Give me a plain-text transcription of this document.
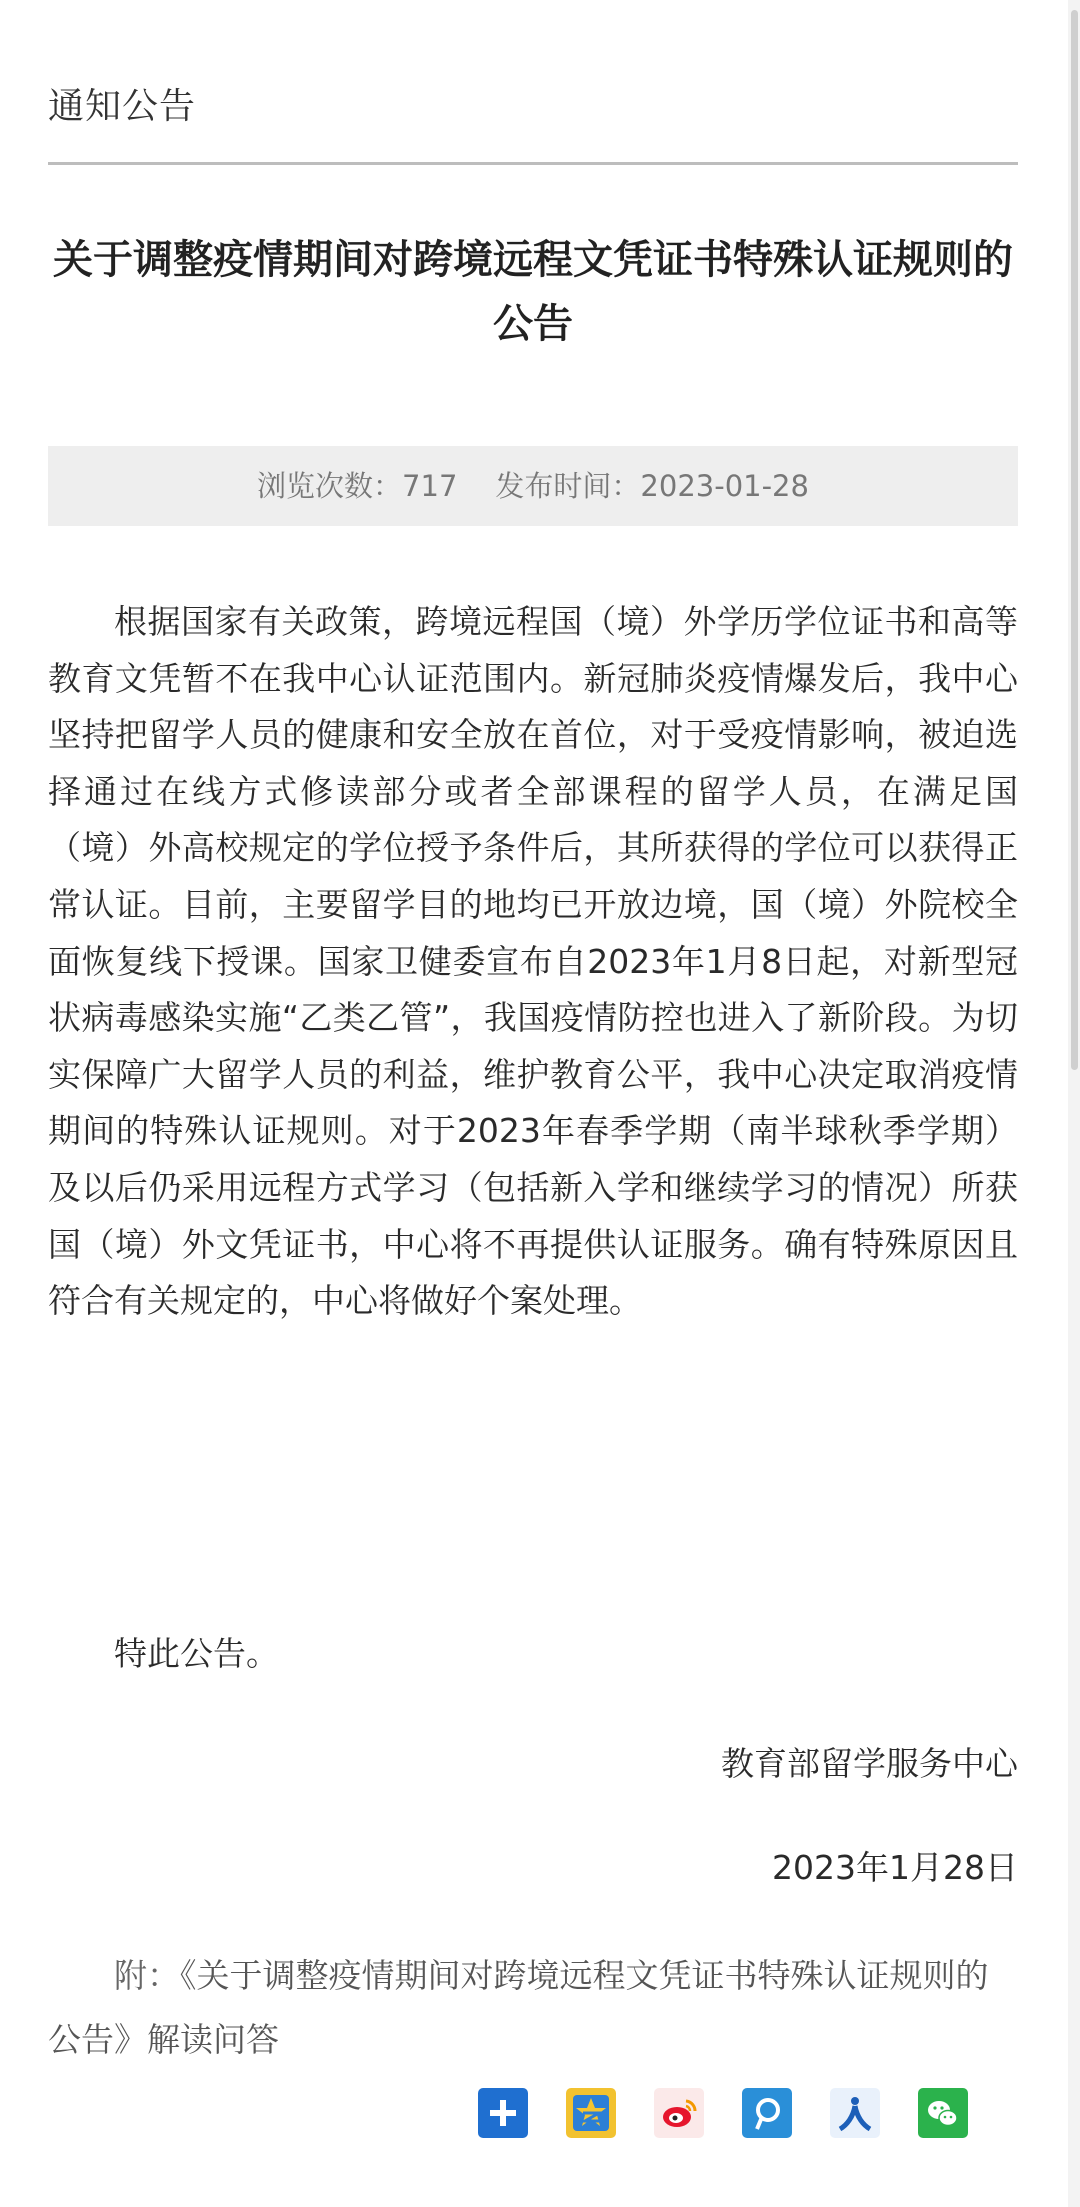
通知公告
关于调整疫情期间对跨境远程文凭证书特殊认证规则的公告
浏览次数：717 发布时间：2023-01-28

根据国家有关政策，跨境远程国（境）外学历学位证书和高等教育文凭暂不在我中心认证范围内。新冠肺炎疫情爆发后，我中心坚持把留学人员的健康和安全放在首位，对于受疫情影响，被迫选择通过在线方式修读部分或者全部课程的留学人员，在满足国（境）外高校规定的学位授予条件后，其所获得的学位可以获得正常认证。目前，主要留学目的地均已开放边境，国（境）外院校全面恢复线下授课。国家卫健委宣布自2023年1月8日起，对新型冠状病毒感染实施“乙类乙管”，我国疫情防控也进入了新阶段。为切实保障广大留学人员的利益，维护教育公平，我中心决定取消疫情期间的特殊认证规则。对于2023年春季学期（南半球秋季学期）及以后仍采用远程方式学习（包括新入学和继续学习的情况）所获国（境）外文凭证书，中心将不再提供认证服务。确有特殊原因且符合有关规定的，中心将做好个案处理。

特此公告。
教育部留学服务中心
2023年1月28日

附：《关于调整疫情期间对跨境远程文凭证书特殊认证规则的公告》解读问答
